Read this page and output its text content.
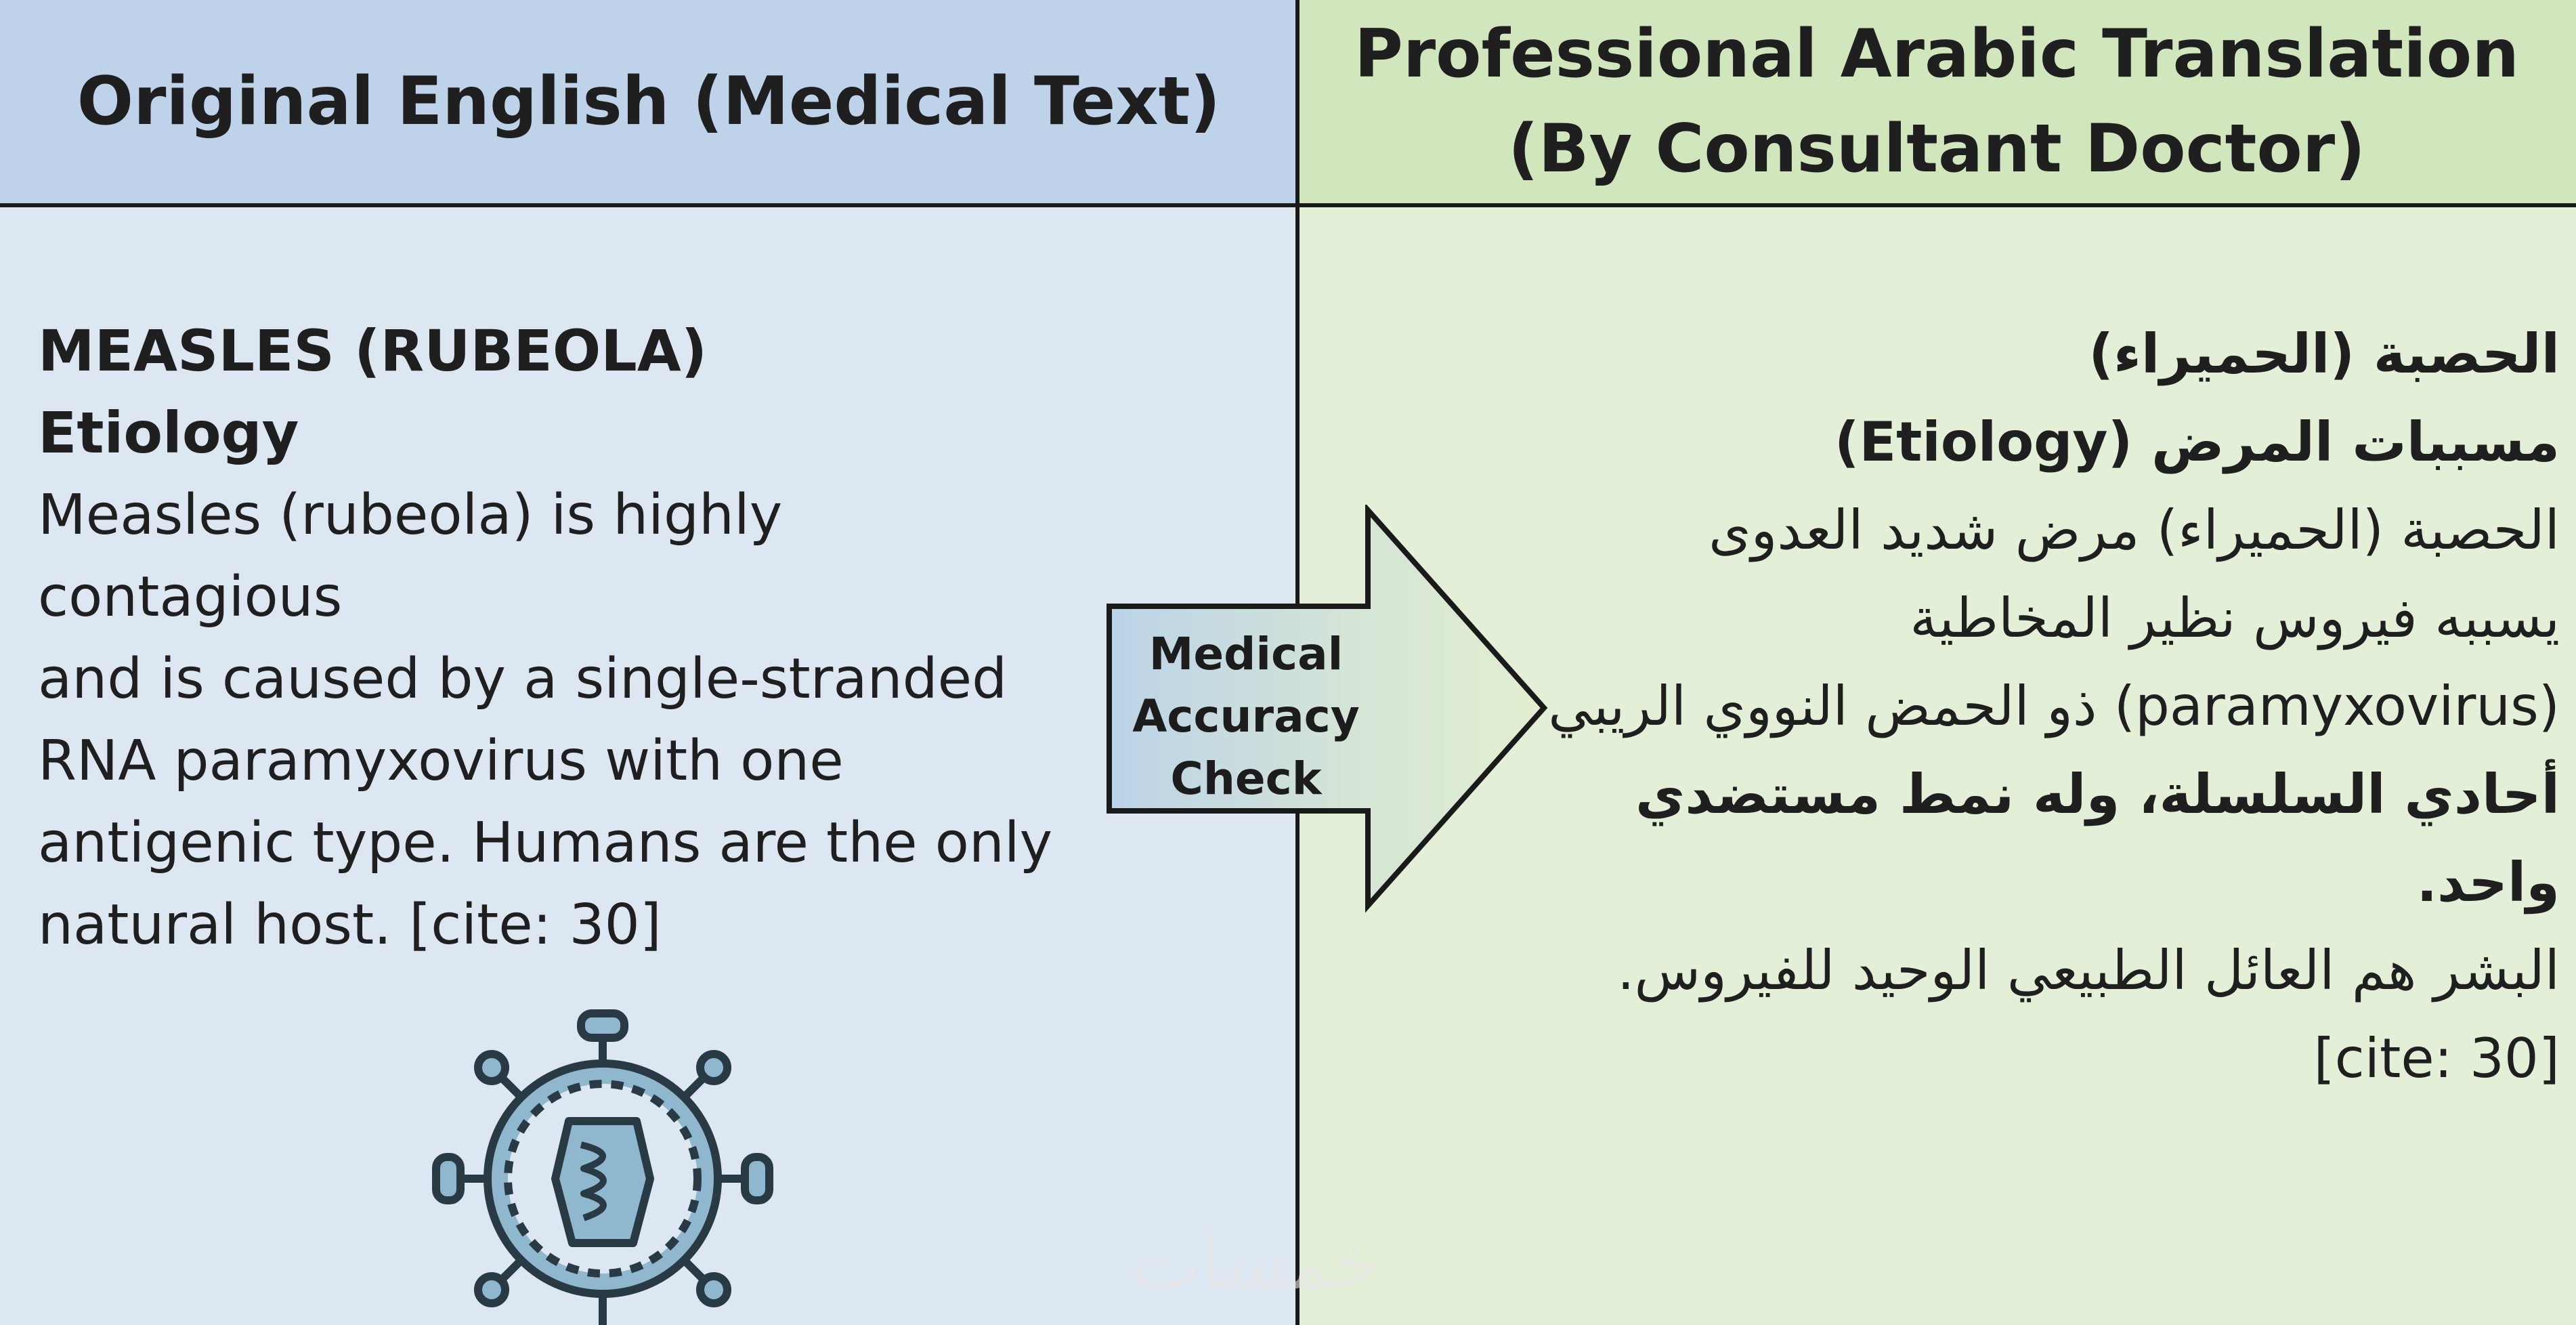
Original English (Medical Text)
MEASLES (RUBEOLA)
Etiology
Measles (rubeola) is highly contagious
and is caused by a single-stranded
RNA paramyxovirus with one
antigenic type. Humans are the only
natural host. [cite: 30]
Professional Arabic Translation
(By Consultant Doctor)
الحصبة (الحميراء)
مسببات المرض (Etiology)
الحصبة (الحميراء) مرض شديد العدوى
يسببه فيروس نظير المخاطية
(paramyxovirus) ذو الحمض النووي الريبي
أحادي السلسلة، وله نمط مستضدي واحد.
البشر هم العائل الطبيعي الوحيد للفيروس.
[cite: 30]
Medical
Accuracy
Check
خمسات
